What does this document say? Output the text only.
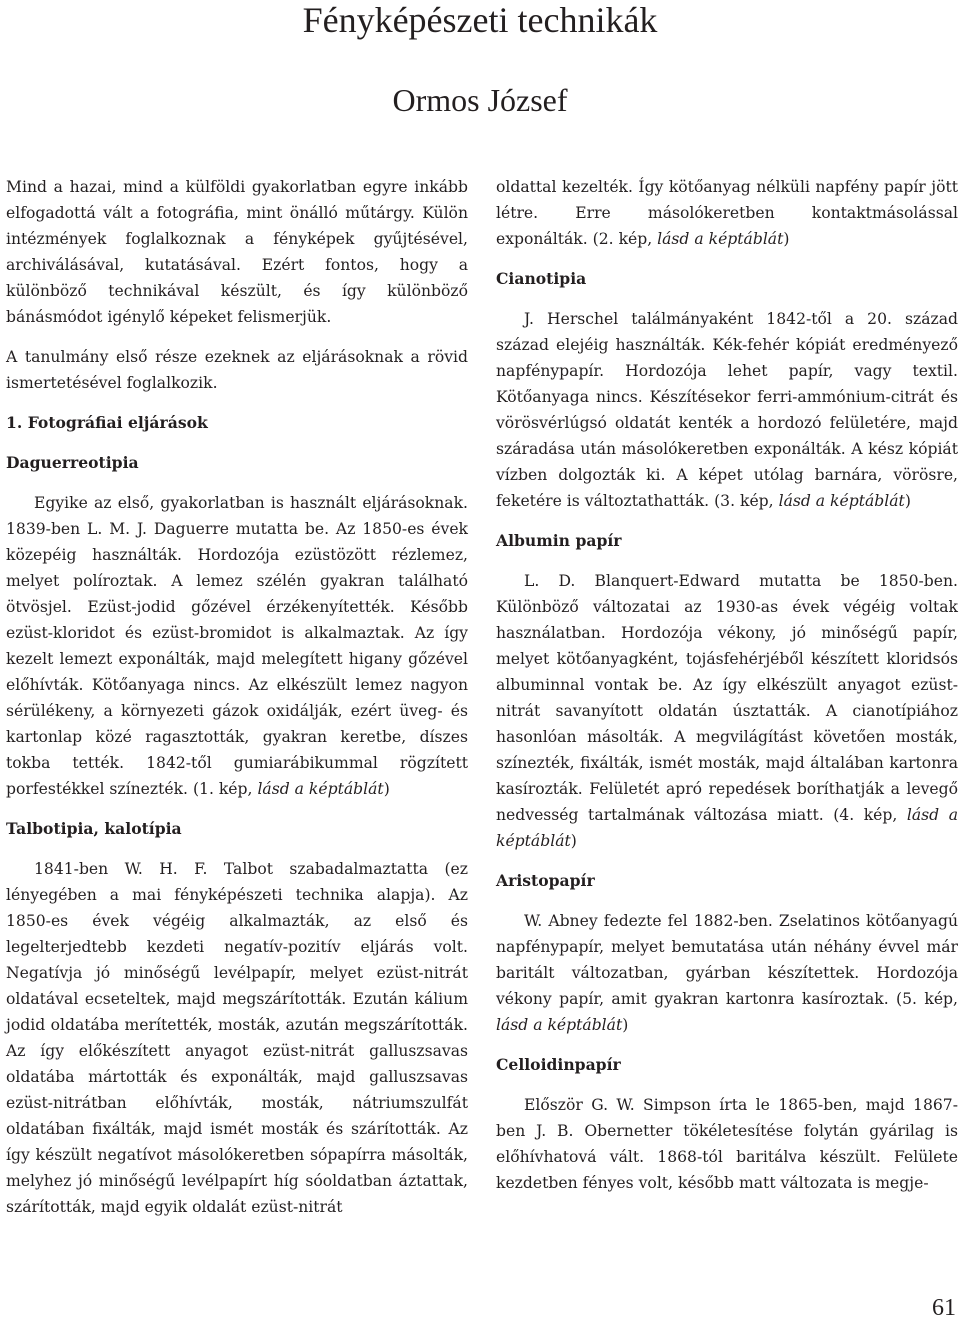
Fényképészeti technikák
Ormos József

Mind a hazai, mind a külföldi gyakorlatban egyre inkább elfogadottá vált a fotográfia, mint önálló műtárgy. Külön intézmények foglalkoznak a fényképek gyűjtésével, archiválásával, kutatásával. Ezért fontos, hogy a különböző technikával készült, és így különböző bánásmódot igénylő képeket felismerjük.

A tanulmány első része ezeknek az eljárásoknak a rövid ismertetésével foglalkozik.

1. Fotográfiai eljárások
Daguerreotipia

Egyike az első, gyakorlatban is használt eljárásoknak. 1839-ben L. M. J. Daguerre mutatta be. Az 1850-es évek közepéig használták. Hordozója ezüstözött rézlemez, melyet políroztak. A lemez szélén gyakran található ötvösjel. Ezüst-jodid gőzével érzékenyítették. Később ezüst-kloridot és ezüst-bromidot is alkalmaztak. Az így kezelt lemezt exponálták, majd melegített higany gőzével előhívták. Kötőanyaga nincs. Az elkészült lemez nagyon sérülékeny, a környezeti gázok oxidálják, ezért üveg- és kartonlap közé ragasztották, gyakran keretbe, díszes tokba tették. 1842-től gumiarábikummal rögzített porfestékkel színezték. (1. kép, lásd a képtáblát)

Talbotipia, kalotípia

1841-ben W. H. F. Talbot szabadalmaztatta (ez lényegében a mai fényképészeti technika alapja). Az 1850-es évek végéig alkalmazták, az első és legelterjedtebb kezdeti negatív-pozitív eljárás volt. Negatívja jó minőségű levélpapír, melyet ezüst-nitrát oldatával ecseteltek, majd megszárították. Ezután kálium jodid oldatába merítették, mosták, azután megszárították. Az így előkészített anyagot ezüst-nitrát galluszsavas oldatába mártották és exponálták, majd galluszsavas ezüst-nitrátban előhívták, mosták, nátriumszulfát oldatában fixálták, majd ismét mosták és szárították. Az így készült negatívot másolókeretben sópapírra másolták, melyhez jó minőségű levélpapírt híg sóoldatban áztattak, szárították, majd egyik oldalát ezüst-nitrát

oldattal kezelték. Így kötőanyag nélküli napfény papír jött létre. Erre másolókeretben kontaktmásolással exponálták. (2. kép, lásd a képtáblát)

Cianotipia

J. Herschel találmányaként 1842-től a 20. század század elejéig használták. Kék-fehér kópiát eredményező napfénypapír. Hordozója lehet papír, vagy textil. Kötőanyaga nincs. Készítésekor ferri-ammónium-citrát és vörösvérlúgsó oldatát kenték a hordozó felületére, majd száradása után másolókeretben exponálták. A kész kópiát vízben dolgozták ki. A képet utólag barnára, vörösre, feketére is változtathatták. (3. kép, lásd a képtáblát)

Albumin papír

L. D. Blanquert-Edward mutatta be 1850-ben. Különböző változatai az 1930-as évek végéig voltak használatban. Hordozója vékony, jó minőségű papír, melyet kötőanyagként, tojásfehérjéből készített kloridsós albuminnal vontak be. Az így elkészült anyagot ezüst-nitrát savanyított oldatán úsztatták. A cianotípiához hasonlóan másolták. A megvilágítást követően mosták, színezték, fixálták, ismét mosták, majd általában kartonra kasírozták. Felületét apró repedések boríthatják a levegő nedvesség tartalmának változása miatt. (4. kép, lásd a képtáblát)

Aristopapír

W. Abney fedezte fel 1882-ben. Zselatinos kötőanyagú napfénypapír, melyet bemutatása után néhány évvel már baritált változatban, gyárban készítettek. Hordozója vékony papír, amit gyakran kartonra kasíroztak. (5. kép, lásd a képtáblát)

Celloidinpapír

Először G. W. Simpson írta le 1865-ben, majd 1867-ben J. B. Obernetter tökéletesítése folytán gyárilag is előhívhatová vált. 1868-tól baritálva készült. Felülete kezdetben fényes volt, később matt változata is megje-

61
